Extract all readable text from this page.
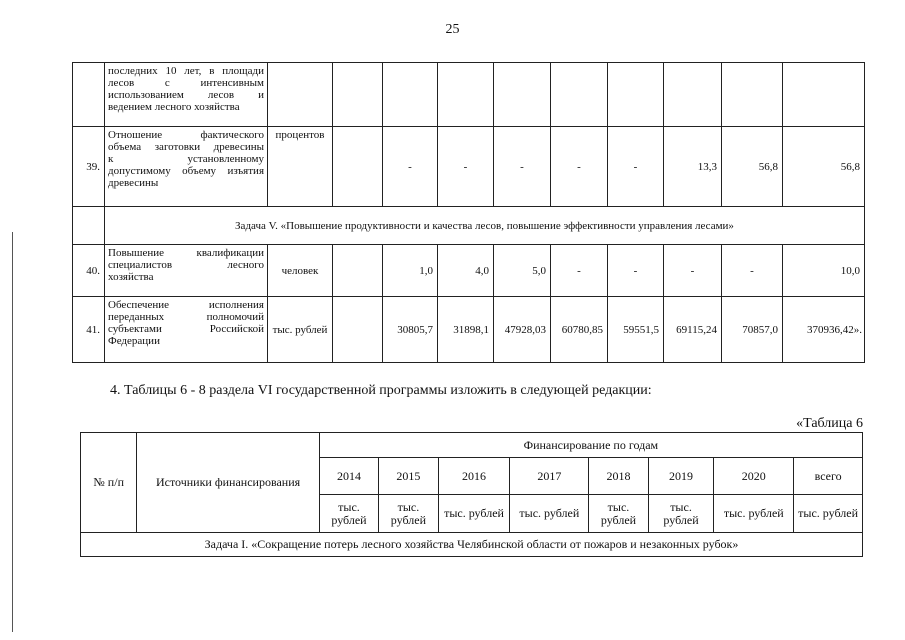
25

	последних 10 лет, в площади
лесов с интенсивным
использованием лесов и
ведением лесного хозяйства										

39.	Отношение фактического
объема заготовки древесины
к установленному
допустимому объему изъятия
древесины	процентов		-	-	-	-	-	13,3	56,8	56,8
	Задача V. «Повышение продуктивности и качества лесов, повышение эффективности управления лесами»										
40.	Повышение квалификации
специалистов лесного
хозяйства	человек		1,0	4,0	5,0	-	-	-	-	10,0
41.	Обеспечение исполнения
переданных полномочий
субъектами Российской
Федерации	тыс. рублей		30805,7	31898,1	47928,03	60780,85	59551,5	69115,24	70857,0	370936,42».
4. Таблицы 6 - 8 раздела VI государственной программы изложить в следующей редакции:
«Таблица 6
№ п/п	Источники финансирования	Финансирование по годам							
		2014	2015	2016	2017	2018	2019	2020	всего
		тыс. рублей	тыс. рублей	тыс. рублей	тыс. рублей	тыс. рублей	тыс. рублей	тыс. рублей	тыс. рублей
Задача I. «Сокращение потерь лесного хозяйства Челябинской области от пожаров и незаконных рубок»									
